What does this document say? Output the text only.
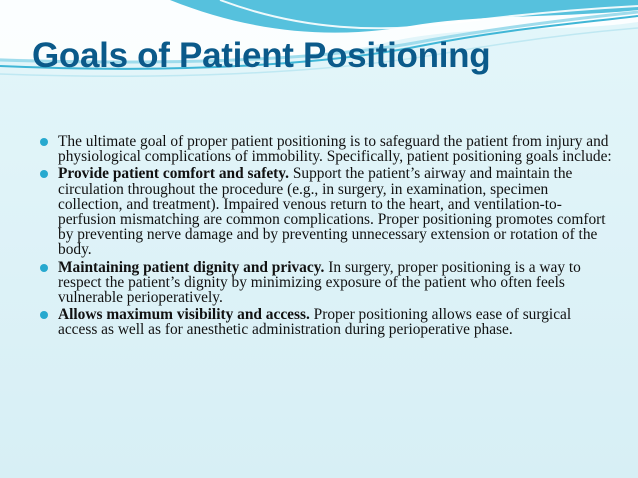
Goals of Patient Positioning
The ultimate goal of proper patient positioning is to safeguard the patient from injury and physiological complications of immobility. Specifically, patient positioning goals include:
Provide patient comfort and safety. Support the patient’s airway and maintain the circulation throughout the procedure (e.g., in surgery, in examination, specimen collection, and treatment). Impaired venous return to the heart, and ventilation-to-perfusion mismatching are common complications. Proper positioning promotes comfort by preventing nerve damage and by preventing unnecessary extension or rotation of the body.
Maintaining patient dignity and privacy. In surgery, proper positioning is a way to respect the patient’s dignity by minimizing exposure of the patient who often feels vulnerable perioperatively.
Allows maximum visibility and access. Proper positioning allows ease of surgical access as well as for anesthetic administration during perioperative phase.
